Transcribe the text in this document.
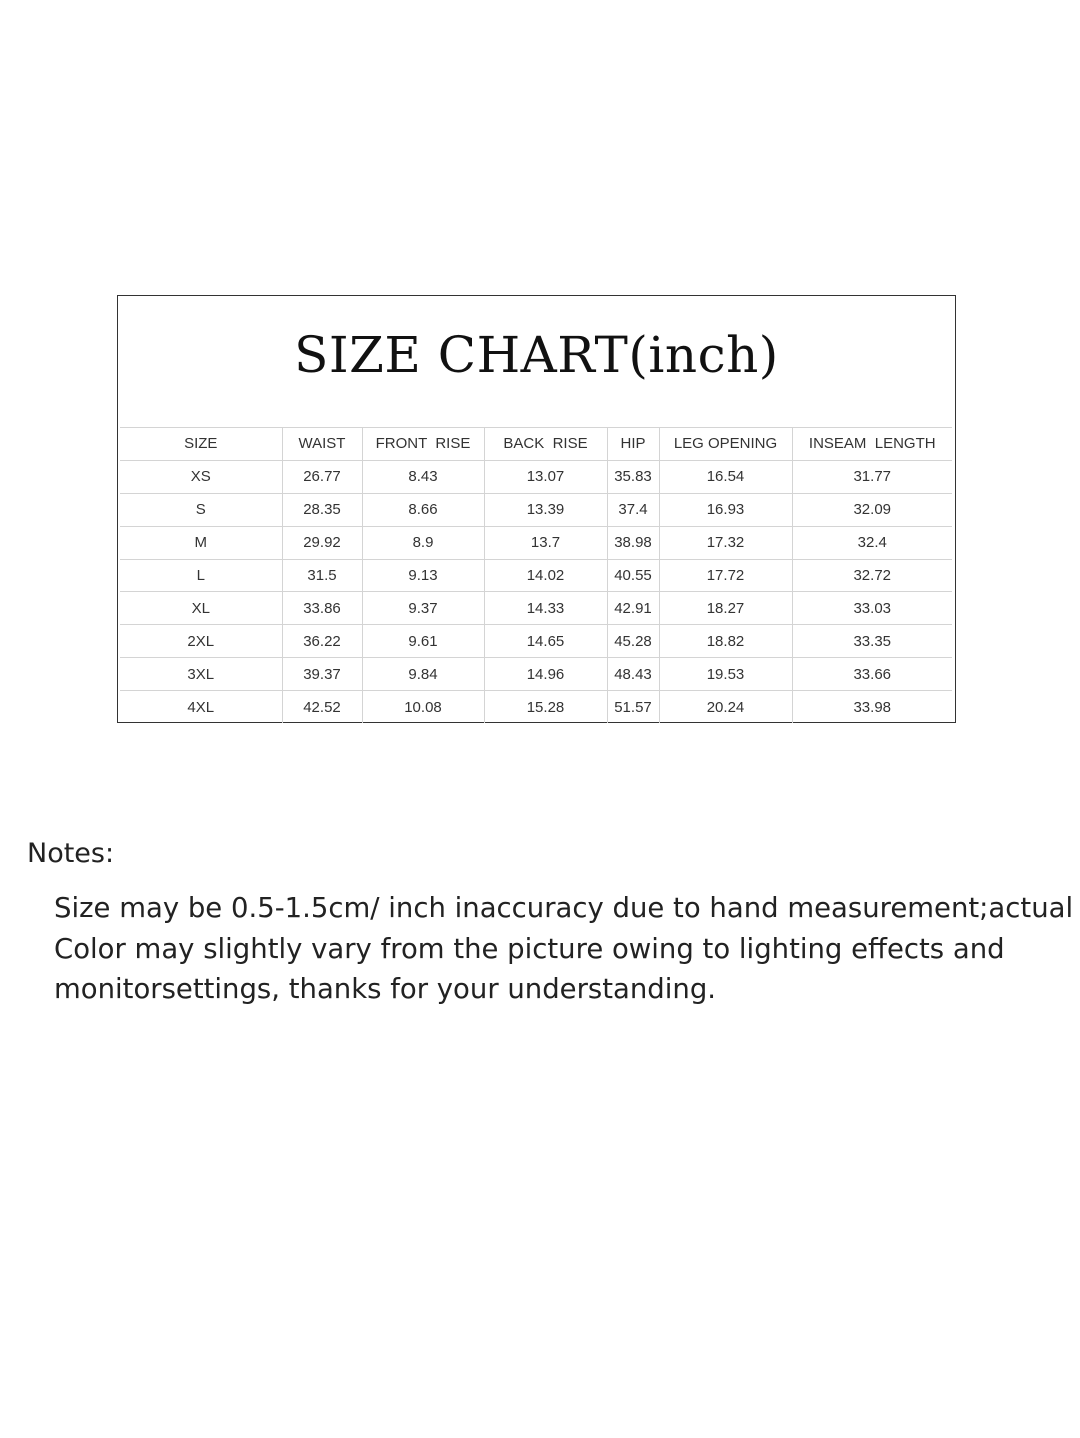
SIZE CHART(inch)
SIZE	WAIST	FRONT  RISE	BACK  RISE	HIP	LEG OPENING	INSEAM  LENGTH
XS	26.77	8.43	13.07	35.83	16.54	31.77
S	28.35	8.66	13.39	37.4	16.93	32.09
M	29.92	8.9	13.7	38.98	17.32	32.4
L	31.5	9.13	14.02	40.55	17.72	32.72
XL	33.86	9.37	14.33	42.91	18.27	33.03
2XL	36.22	9.61	14.65	45.28	18.82	33.35
3XL	39.37	9.84	14.96	48.43	19.53	33.66
4XL	42.52	10.08	15.28	51.57	20.24	33.98

Notes:

Size may be 0.5-1.5cm/ inch inaccuracy due to hand measurement;actual
Color may slightly vary from the picture owing to lighting effects and
monitorsettings, thanks for your understanding.
